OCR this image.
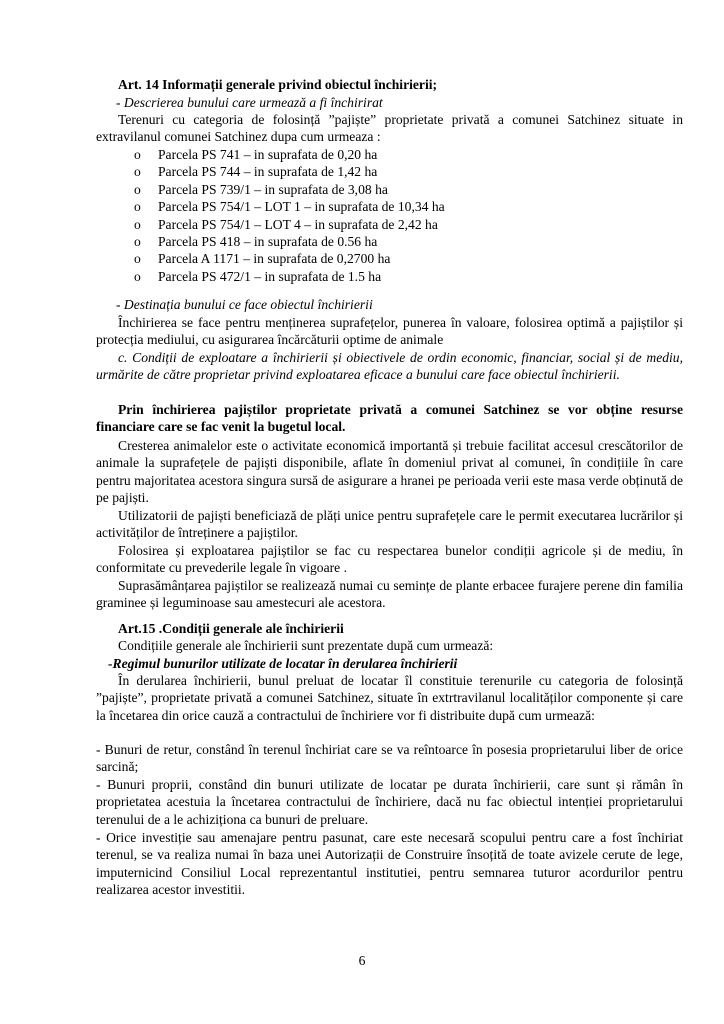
Art. 14 Informații generale privind obiectul închirierii;

- Descrierea bunului care urmează a fi închirirat

Terenuri cu categoria de folosință ”pajiște” proprietate privată a comunei Satchinez situate in extravilanul comunei Satchinez dupa cum urmeaza :

o Parcela PS 741 – in suprafata de 0,20 ha
o Parcela PS 744 – in suprafata de 1,42 ha
o Parcela PS 739/1 – in suprafata de 3,08 ha
o Parcela PS 754/1 – LOT 1 – in suprafata de 10,34 ha
o Parcela PS 754/1 – LOT 4 – in suprafata de 2,42 ha
o Parcela PS 418 – in suprafata de 0.56 ha
o Parcela A 1171 – in suprafata de 0,2700 ha
o Parcela PS 472/1 – in suprafata de 1.5 ha

- Destinația bunului ce face obiectul închirierii

Închirierea se face pentru menținerea suprafețelor, punerea în valoare, folosirea optimă a pajiștilor și protecția mediului, cu asigurarea încărcăturii optime de animale

c. Condiții de exploatare a închirierii și obiectivele de ordin economic, financiar, social și de mediu, urmărite de către proprietar privind exploatarea eficace a bunului care face obiectul închirierii.

Prin închirierea pajiștilor proprietate privată a comunei Satchinez se vor obține resurse financiare care se fac venit la bugetul local.

Cresterea animalelor este o activitate economică importantă și trebuie facilitat accesul crescătorilor de animale la suprafețele de pajiști disponibile, aflate în domeniul privat al comunei, în condițiile în care pentru majoritatea acestora singura sursă de asigurare a hranei pe perioada verii este masa verde obținută de pe pajiști.

Utilizatorii de pajiști beneficiază de plăți unice pentru suprafețele care le permit executarea lucrărilor și activităților de întreținere a pajiștilor.

Folosirea și exploatarea pajiștilor se fac cu respectarea bunelor condiții agricole și de mediu, în conformitate cu prevederile legale în vigoare .

Suprasămânțarea pajiștilor se realizează numai cu semințe de plante erbacee furajere perene din familia gramineе și leguminoase sau amestecuri ale acestora.

Art.15 .Condiții generale ale închirierii

Condițiile generale ale închirierii sunt prezentate după cum urmează:

-Regimul bunurilor utilizate de locatar în derularea închirierii

În derularea închirierii, bunul preluat de locatar îl constituie terenurile cu categoria de folosință ”pajiște”, proprietate privată a comunei Satchinez, situate în extrtravilanul localităților componente și care la încetarea din orice cauză a contractului de închiriere vor fi distribuite după cum urmează:

- Bunuri de retur, constând în terenul închiriat care se va reîntoarce în posesia proprietarului liber de orice sarcină;

- Bunuri proprii, constând din bunuri utilizate de locatar pe durata închirierii, care sunt și rămân în proprietatea acestuia la încetarea contractului de închiriere, dacă nu fac obiectul intenției proprietarului terenului de a le achiziționa ca bunuri de preluare.

- Orice investiție sau amenajare pentru pasunat, care este necesară scopului pentru care a fost închiriat terenul, se va realiza numai în baza unei Autorizații de Construire însoțită de toate avizele cerute de lege, imputernicind Consiliul Local reprezentantul institutiei, pentru semnarea tuturor acordurilor pentru realizarea acestor investitii.

6
